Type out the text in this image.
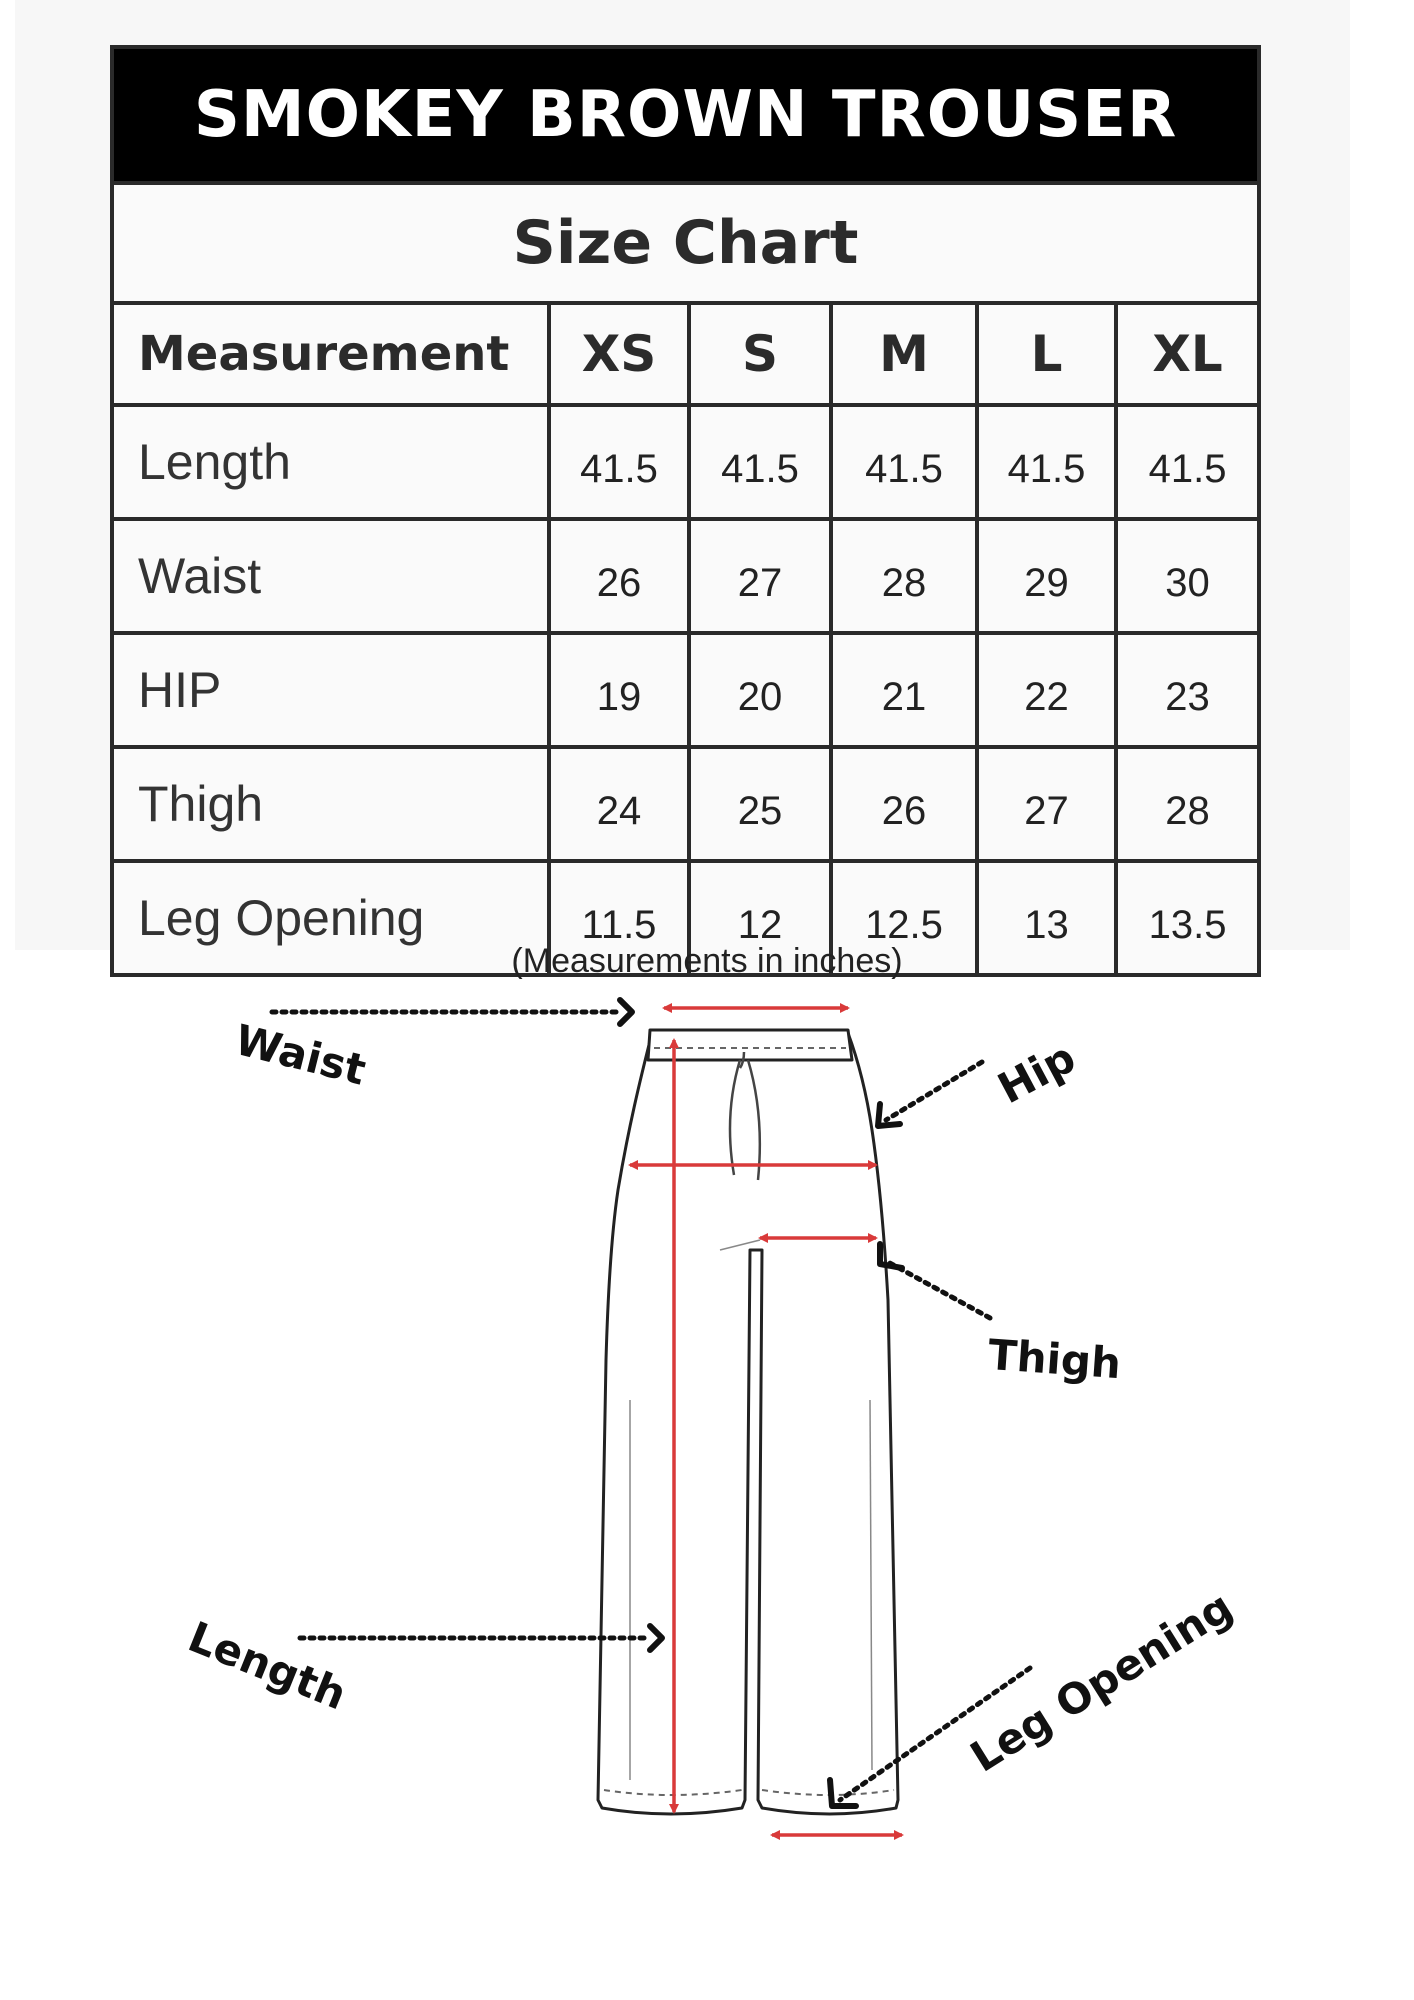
SMOKEY BROWN TROUSER					
Size Chart					
Measurement	XS	S	M	L	XL
Length	41.5	41.5	41.5	41.5	41.5
Waist	26	27	28	29	30
HIP	19	20	21	22	23
Thigh	24	25	26	27	28
Leg Opening	11.5	12	12.5	13	13.5
(Measurements in inches)
Waist	Hip
Thigh
Length	Leg Opening
